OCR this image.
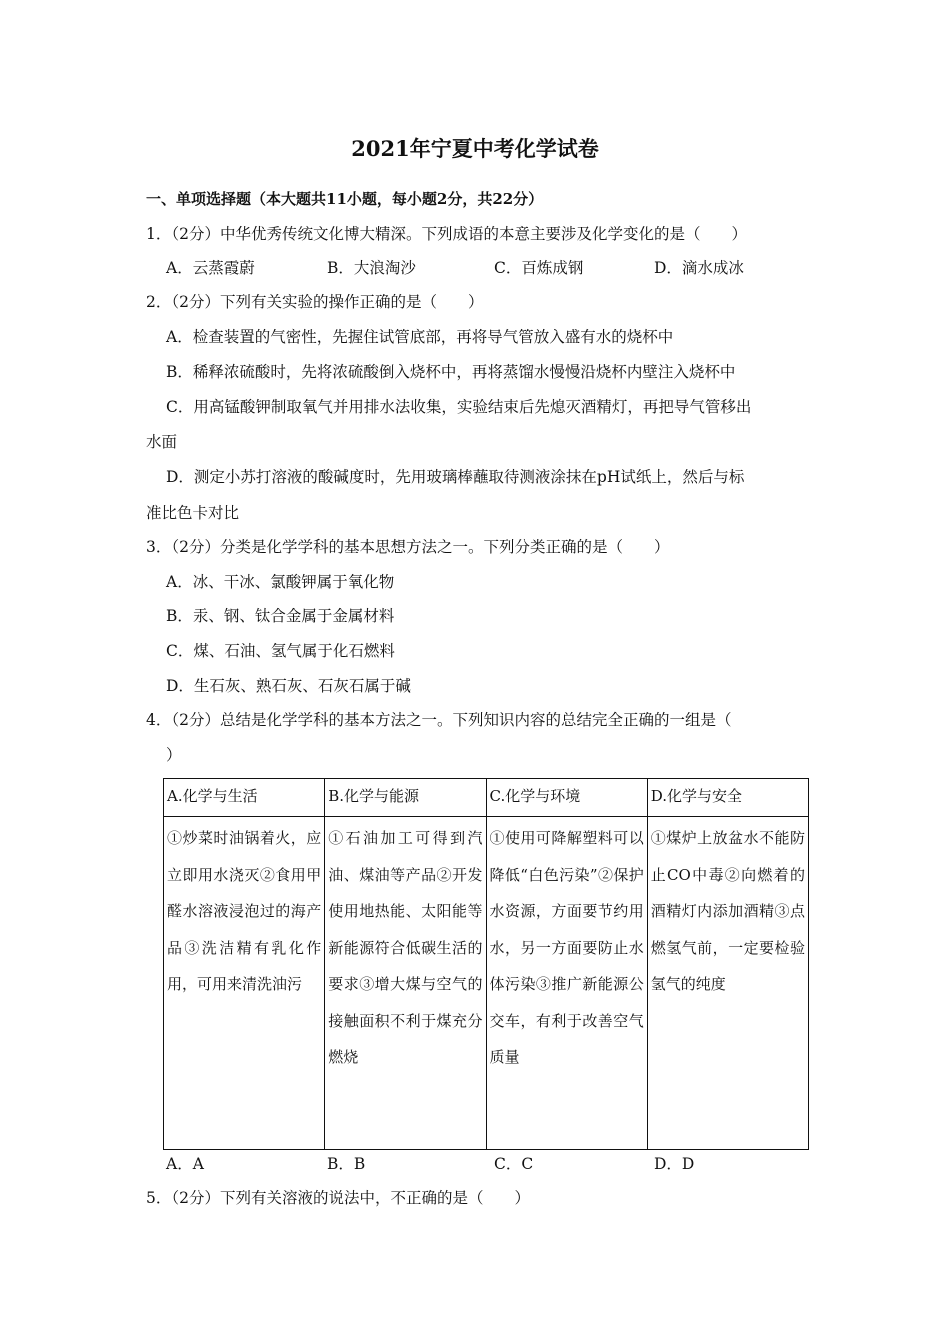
2021年宁夏中考化学试卷
一、单项选择题（本大题共11小题，每小题2分，共22分）
1．（2分）中华优秀传统文化博大精深。下列成语的本意主要涉及化学变化的是（　　）
A．云蒸霞蔚	B．大浪淘沙	C．百炼成钢	D．滴水成冰
2．（2分）下列有关实验的操作正确的是（　　）
A．检查装置的气密性，先握住试管底部，再将导气管放入盛有水的烧杯中
B．稀释浓硫酸时，先将浓硫酸倒入烧杯中，再将蒸馏水慢慢沿烧杯内壁注入烧杯中
C．用高锰酸钾制取氧气并用排水法收集，实验结束后先熄灭酒精灯，再把导气管移出
水面
D．测定小苏打溶液的酸碱度时，先用玻璃棒蘸取待测液涂抹在pH试纸上，然后与标
准比色卡对比
3．（2分）分类是化学学科的基本思想方法之一。下列分类正确的是（　　）
A．冰、干冰、氯酸钾属于氧化物
B．汞、钢、钛合金属于金属材料
C．煤、石油、氢气属于化石燃料
D．生石灰、熟石灰、石灰石属于碱
4．（2分）总结是化学学科的基本方法之一。下列知识内容的总结完全正确的一组是（
）
A.化学与生活	B.化学与能源	C.化学与环境	D.化学与安全
①炒菜时油锅着火，应立即用水浇灭②食用甲醛水溶液浸泡过的海产品③洗洁精有乳化作用，可用来清洗油污	①石油加工可得到汽油、煤油等产品②开发使用地热能、太阳能等新能源符合低碳生活的要求③增大煤与空气的接触面积不利于煤充分燃烧	①使用可降解塑料可以降低“白色污染”②保护水资源，方面要节约用水，另一方面要防止水体污染③推广新能源公交车，有利于改善空气质量	①煤炉上放盆水不能防止CO中毒②向燃着的酒精灯内添加酒精③点燃氢气前，一定要检验氢气的纯度
A．A	B．B	C．C	D．D
5．（2分）下列有关溶液的说法中，不正确的是（　　）
